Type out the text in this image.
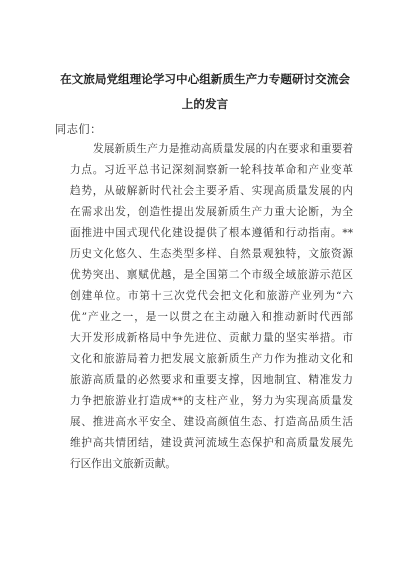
在文旅局党组理论学习中心组新质生产力专题研讨交流会
上的发言
同志们：
发展新质生产力是推动高质量发展的内在要求和重要着
力点。习近平总书记深刻洞察新一轮科技革命和产业变革
趋势，从破解新时代社会主要矛盾、实现高质量发展的内
在需求出发，创造性提出发展新质生产力重大论断，为全
面推进中国式现代化建设提供了根本遵循和行动指南。**
历史文化悠久、生态类型多样、自然景观独特，文旅资源
优势突出、禀赋优越，是全国第二个市级全域旅游示范区
创建单位。市第十三次党代会把文化和旅游产业列为“六
优”产业之一，是一以贯之在主动融入和推动新时代西部
大开发形成新格局中争先进位、贡献力量的坚实举措。市
文化和旅游局着力把发展文旅新质生产力作为推动文化和
旅游高质量的必然要求和重要支撑，因地制宜、精准发力
力争把旅游业打造成**的支柱产业，努力为实现高质量发
展、推进高水平安全、建设高颜值生态、打造高品质生活
维护高共情团结，建设黄河流域生态保护和高质量发展先
行区作出文旅新贡献。
